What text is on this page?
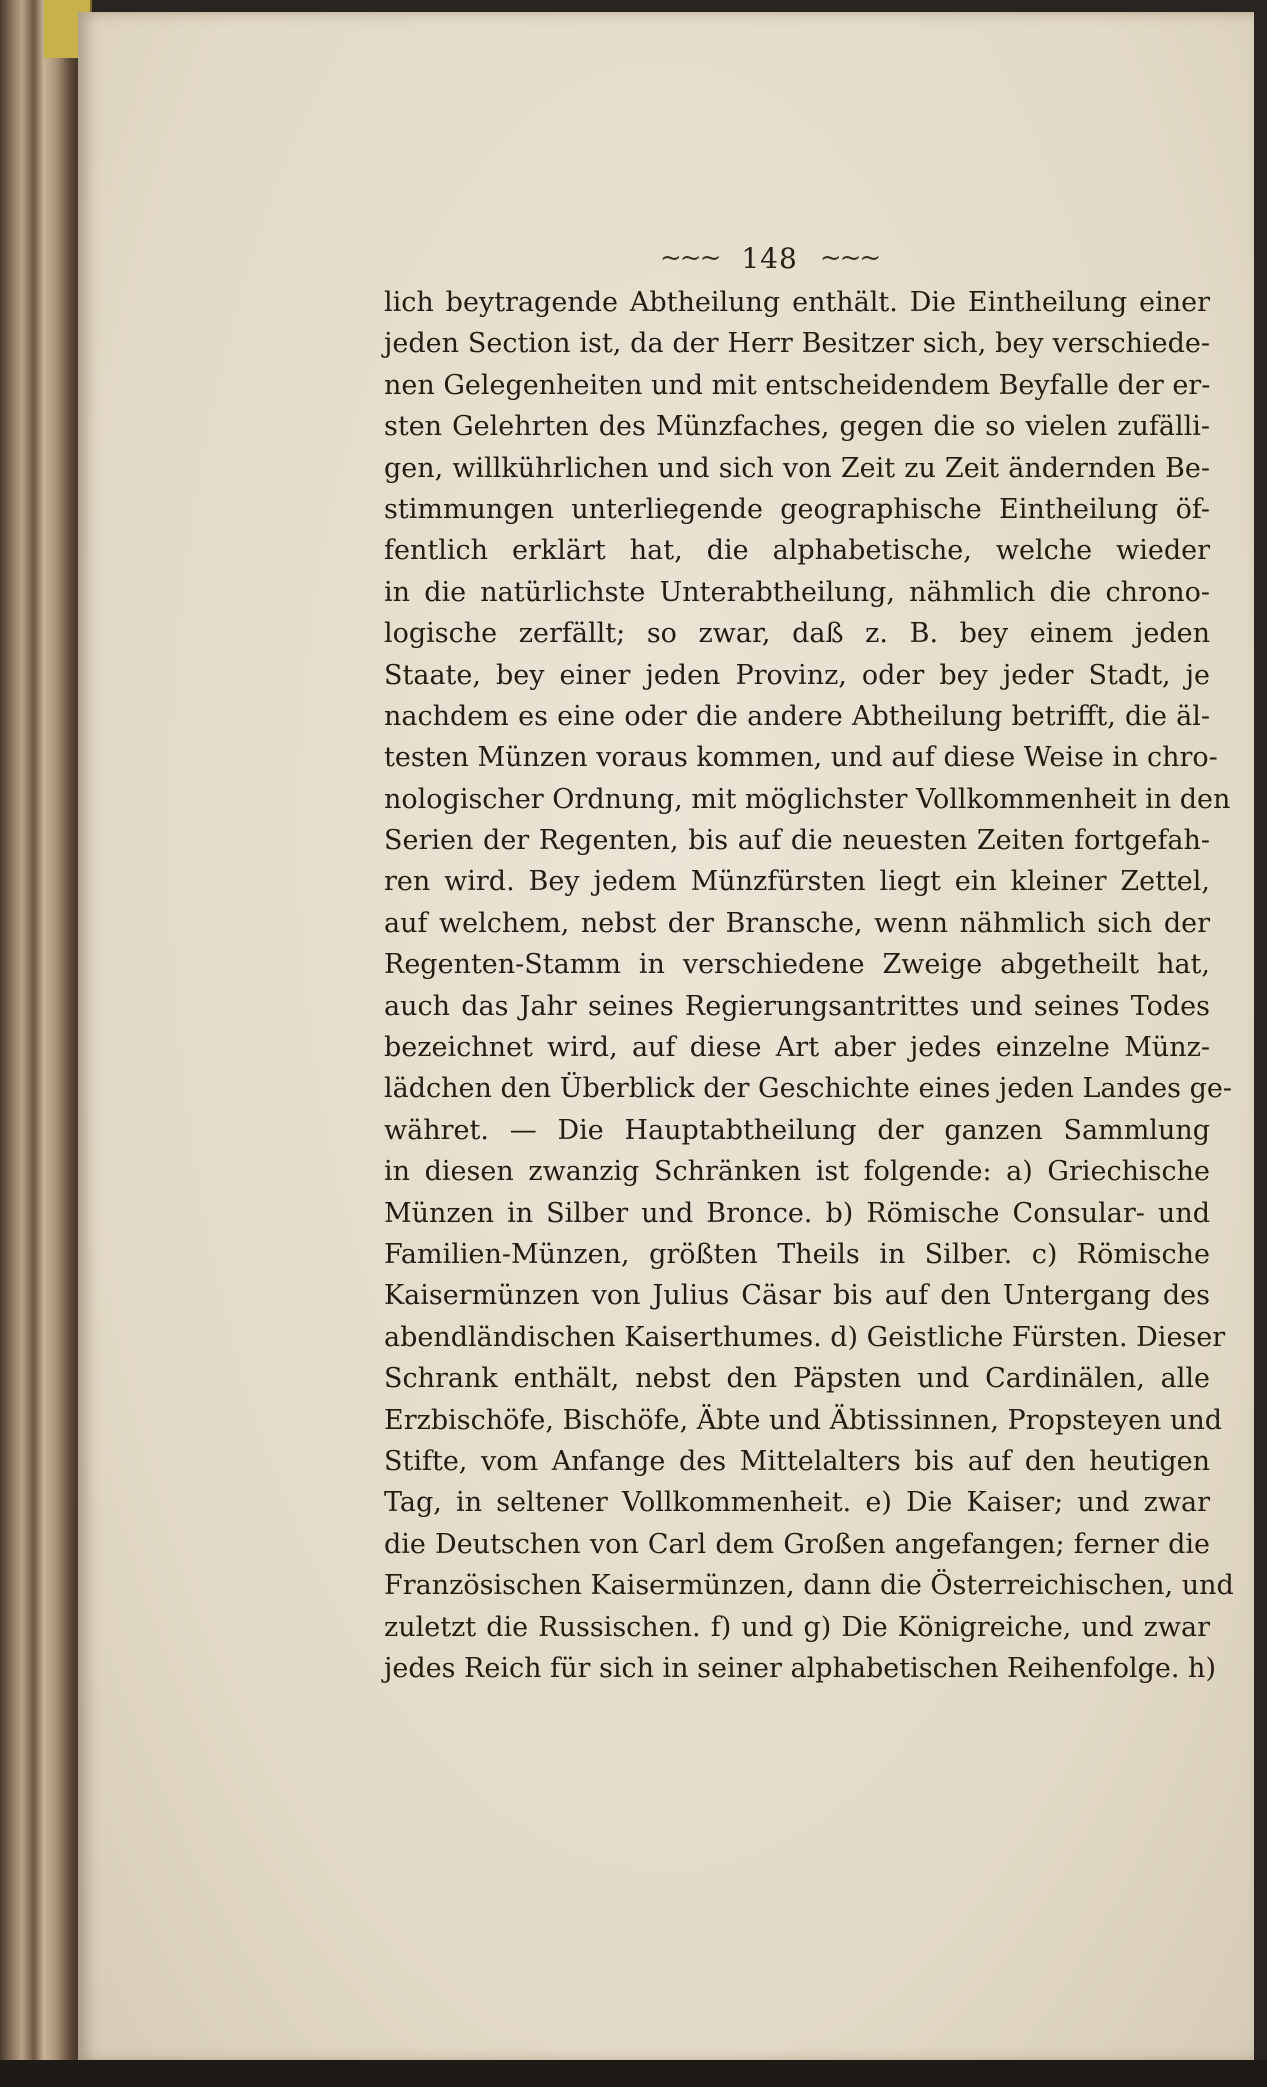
~~~ 148 ~~~
lich beytragende Abtheilung enthält. Die Eintheilung einer
jeden Section ist, da der Herr Besitzer sich, bey verschiede-
nen Gelegenheiten und mit entscheidendem Beyfalle der er-
sten Gelehrten des Münzfaches, gegen die so vielen zufälli-
gen, willkührlichen und sich von Zeit zu Zeit ändernden Be-
stimmungen unterliegende geographische Eintheilung öf-
fentlich erklärt hat, die alphabetische, welche wieder
in die natürlichste Unterabtheilung, nähmlich die chrono-
logische zerfällt; so zwar, daß z. B. bey einem jeden
Staate, bey einer jeden Provinz, oder bey jeder Stadt, je
nachdem es eine oder die andere Abtheilung betrifft, die äl-
testen Münzen voraus kommen, und auf diese Weise in chro-
nologischer Ordnung, mit möglichster Vollkommenheit in den
Serien der Regenten, bis auf die neuesten Zeiten fortgefah-
ren wird. Bey jedem Münzfürsten liegt ein kleiner Zettel,
auf welchem, nebst der Bransche, wenn nähmlich sich der
Regenten-Stamm in verschiedene Zweige abgetheilt hat,
auch das Jahr seines Regierungsantrittes und seines Todes
bezeichnet wird, auf diese Art aber jedes einzelne Münz-
lädchen den Überblick der Geschichte eines jeden Landes ge-
währet. — Die Hauptabtheilung der ganzen Sammlung
in diesen zwanzig Schränken ist folgende: a) Griechische
Münzen in Silber und Bronce. b) Römische Consular- und
Familien-Münzen, größten Theils in Silber. c) Römische
Kaisermünzen von Julius Cäsar bis auf den Untergang des
abendländischen Kaiserthumes. d) Geistliche Fürsten. Dieser
Schrank enthält, nebst den Päpsten und Cardinälen, alle
Erzbischöfe, Bischöfe, Äbte und Äbtissinnen, Propsteyen und
Stifte, vom Anfange des Mittelalters bis auf den heutigen
Tag, in seltener Vollkommenheit. e) Die Kaiser; und zwar
die Deutschen von Carl dem Großen angefangen; ferner die
Französischen Kaisermünzen, dann die Österreichischen, und
zuletzt die Russischen. f) und g) Die Königreiche, und zwar
jedes Reich für sich in seiner alphabetischen Reihenfolge. h)
